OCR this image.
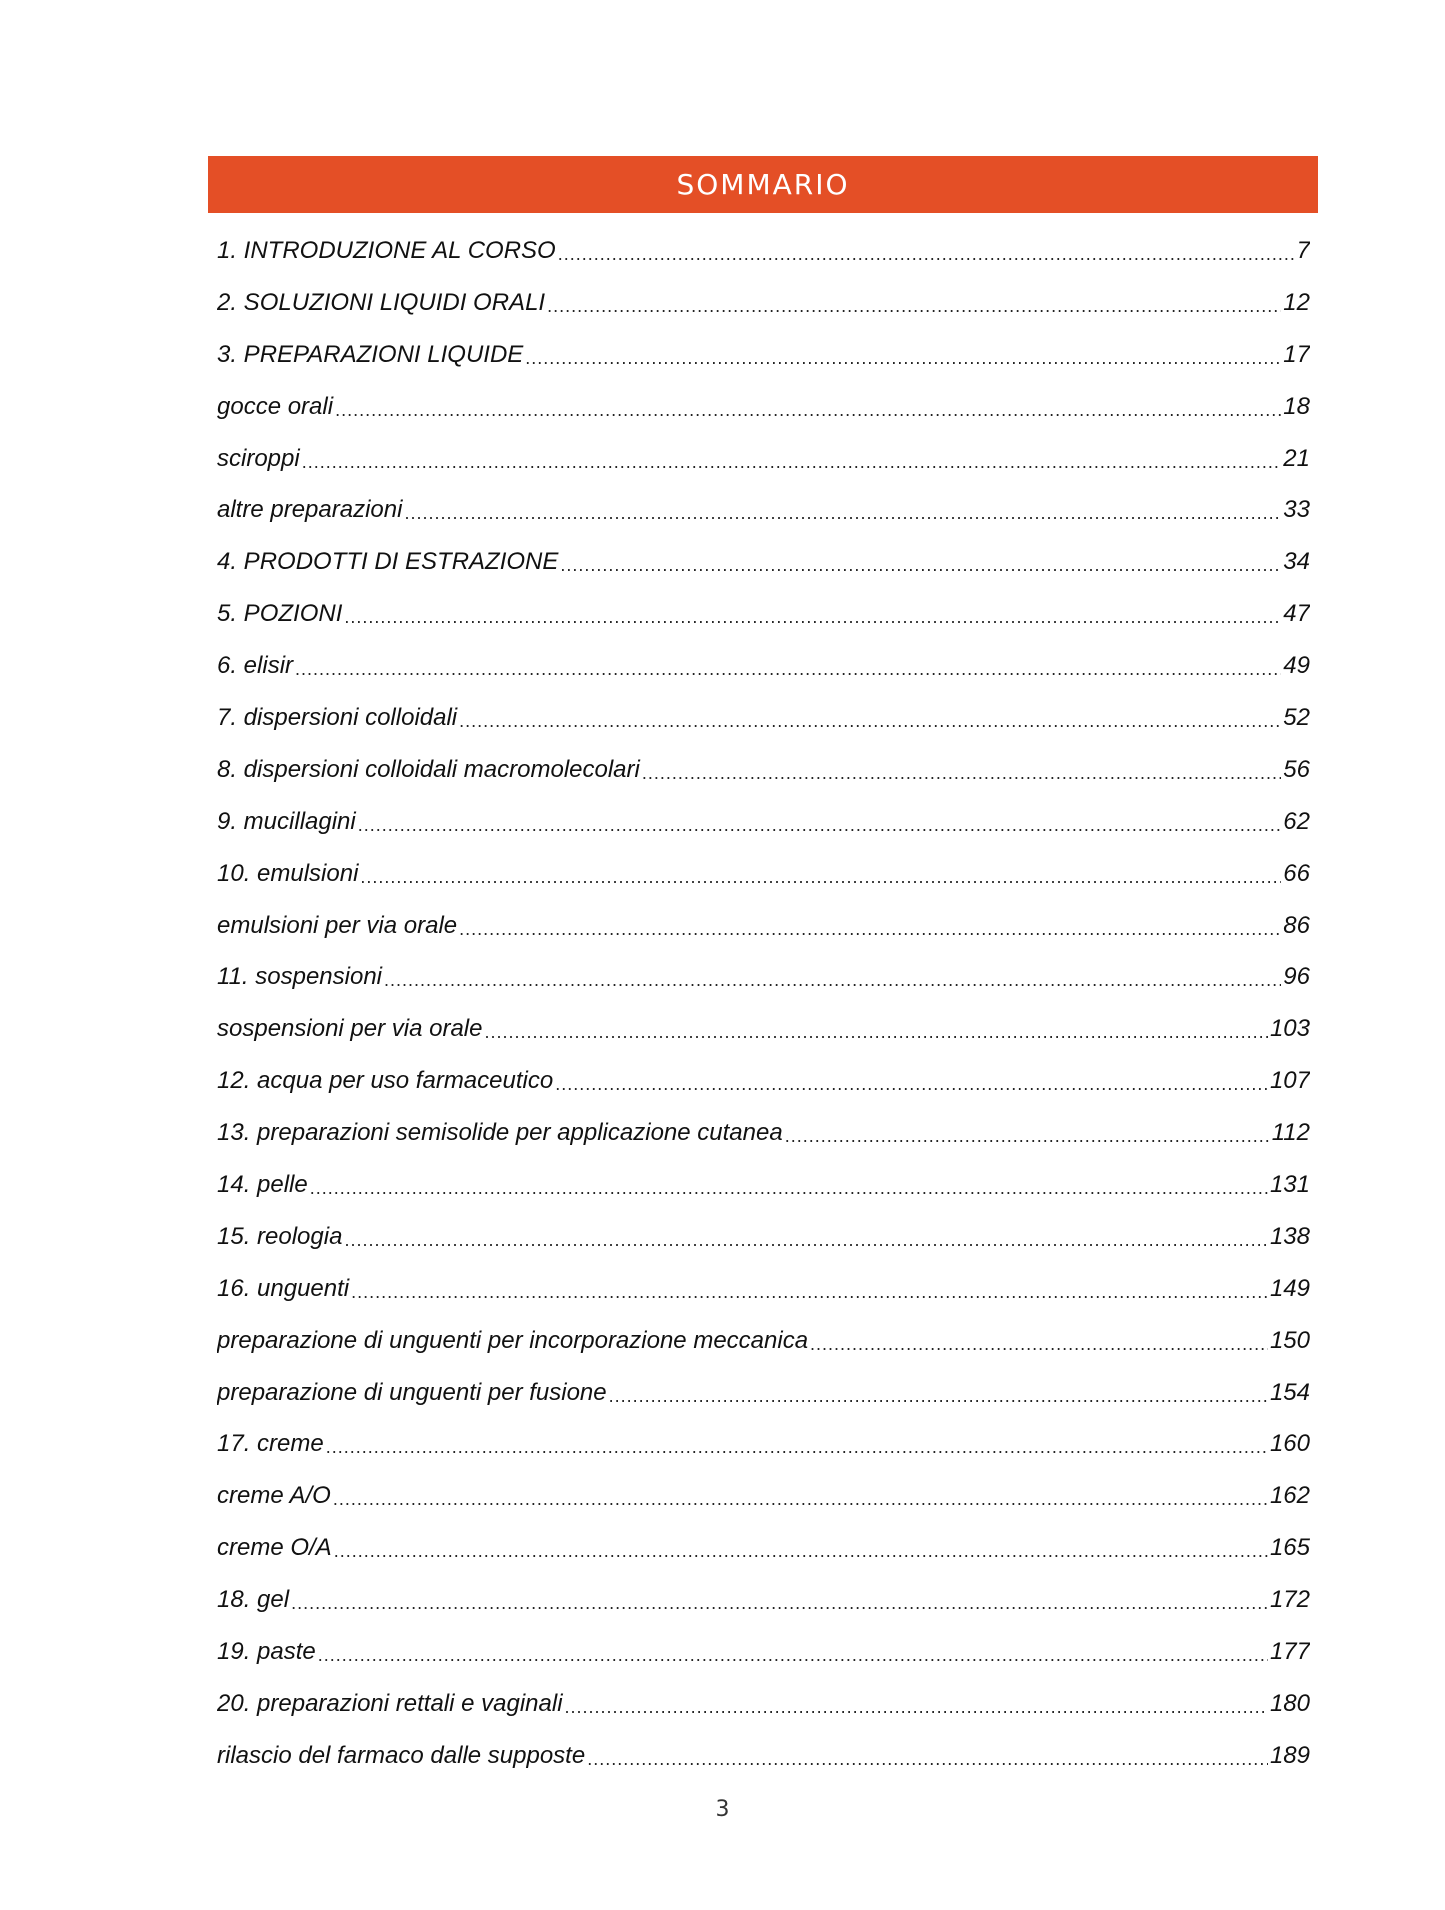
SOMMARIO
1. INTRODUZIONE AL CORSO .....	7
2. SOLUZIONI LIQUIDI ORALI .....	12
3. PREPARAZIONI LIQUIDE .....	17
gocce orali .....	18
sciroppi .....	21
altre preparazioni .....	33
4. PRODOTTI DI ESTRAZIONE .....	34
5. POZIONI .....	47
6. elisir .....	49
7. dispersioni colloidali .....	52
8. dispersioni colloidali macromolecolari .....	56
9. mucillagini .....	62
10. emulsioni .....	66
emulsioni per via orale .....	86
11. sospensioni .....	96
sospensioni per via orale .....	103
12. acqua per uso farmaceutico .....	107
13. preparazioni semisolide per applicazione cutanea .....	112
14. pelle .....	131
15. reologia .....	138
16. unguenti .....	149
preparazione di unguenti per incorporazione meccanica .....	150
preparazione di unguenti per fusione .....	154
17. creme .....	160
creme A/O .....	162
creme O/A .....	165
18. gel .....	172
19. paste .....	177
20. preparazioni rettali e vaginali .....	180
rilascio del farmaco dalle supposte .....	189
3
